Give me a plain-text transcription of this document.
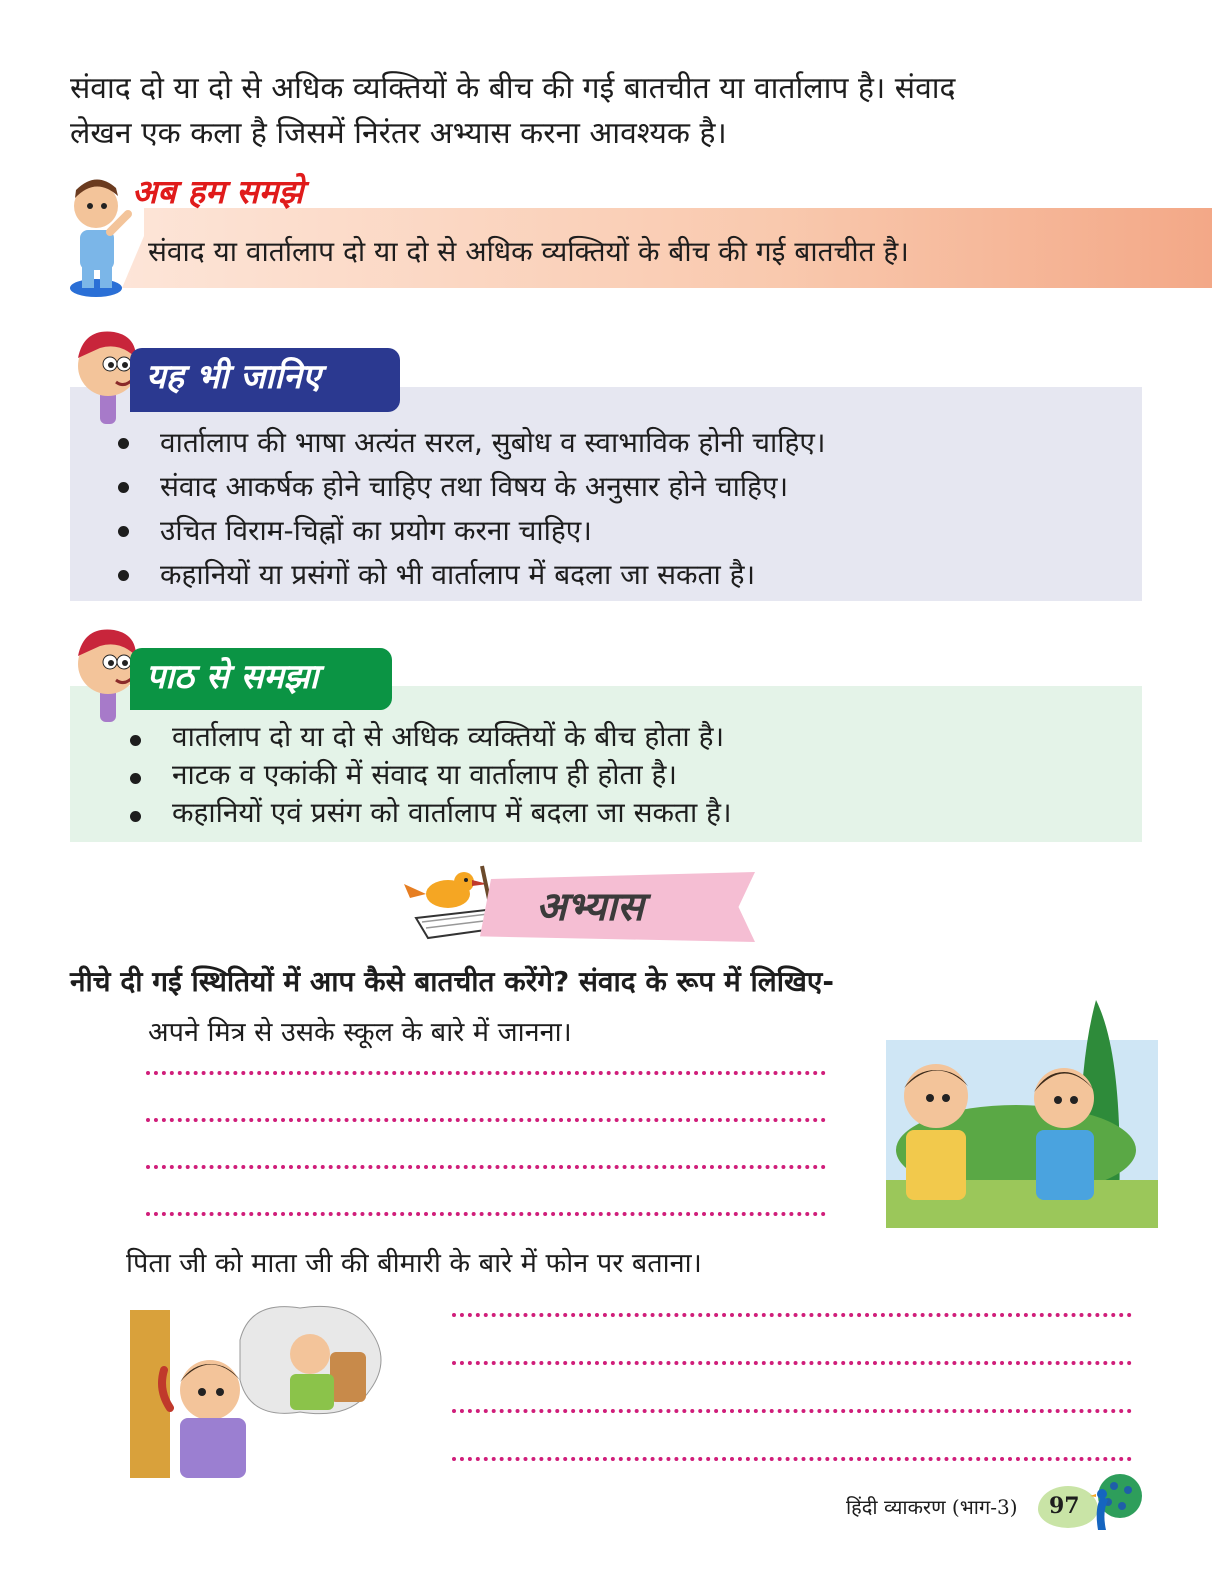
संवाद दो या दो से अधिक व्यक्तियों के बीच की गई बातचीत या वार्तालाप है। संवाद
लेखन एक कला है जिसमें निरंतर अभ्यास करना आवश्यक है।
अब हम समझे
संवाद या वार्तालाप दो या दो से अधिक व्यक्तियों के बीच की गई बातचीत है।
यह भी जानिए
वार्तालाप की भाषा अत्यंत सरल, सुबोध व स्वाभाविक होनी चाहिए।
संवाद आकर्षक होने चाहिए तथा विषय के अनुसार होने चाहिए।
उचित विराम-चिह्नों का प्रयोग करना चाहिए।
कहानियों या प्रसंगों को भी वार्तालाप में बदला जा सकता है।
पाठ से समझा
वार्तालाप दो या दो से अधिक व्यक्तियों के बीच होता है।
नाटक व एकांकी में संवाद या वार्तालाप ही होता है।
कहानियों एवं प्रसंग को वार्तालाप में बदला जा सकता है।
अभ्यास
नीचे दी गई स्थितियों में आप कैसे बातचीत करेंगे? संवाद के रूप में लिखिए-
अपने मित्र से उसके स्कूल के बारे में जानना।
पिता जी को माता जी की बीमारी के बारे में फोन पर बताना।
हिंदी व्याकरण (भाग-3) 97
